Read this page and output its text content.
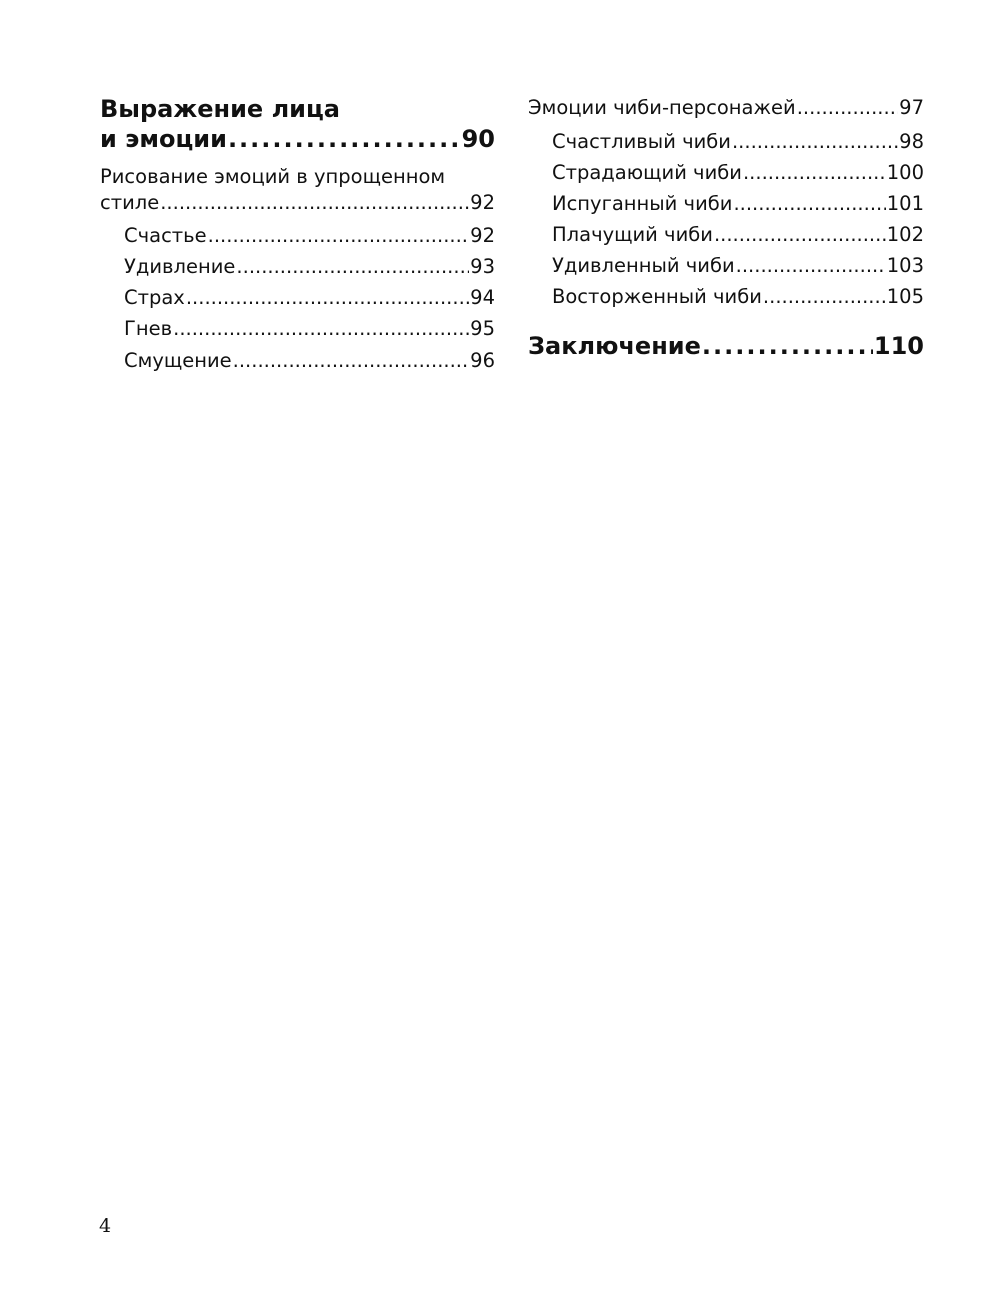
Выражение лица
и эмоции .....	90
Рисование эмоций в упрощенном
стиле .....	92
Счастье .....	92
Удивление .....	93
Страх .....	94
Гнев .....	95
Смущение .....	96
Эмоции чиби-персонажей .....	97
Счастливый чиби .....	98
Страдающий чиби .....	100
Испуганный чиби .....	101
Плачущий чиби .....	102
Удивленный чиби .....	103
Восторженный чиби .....	105
Заключение .....	110
4
